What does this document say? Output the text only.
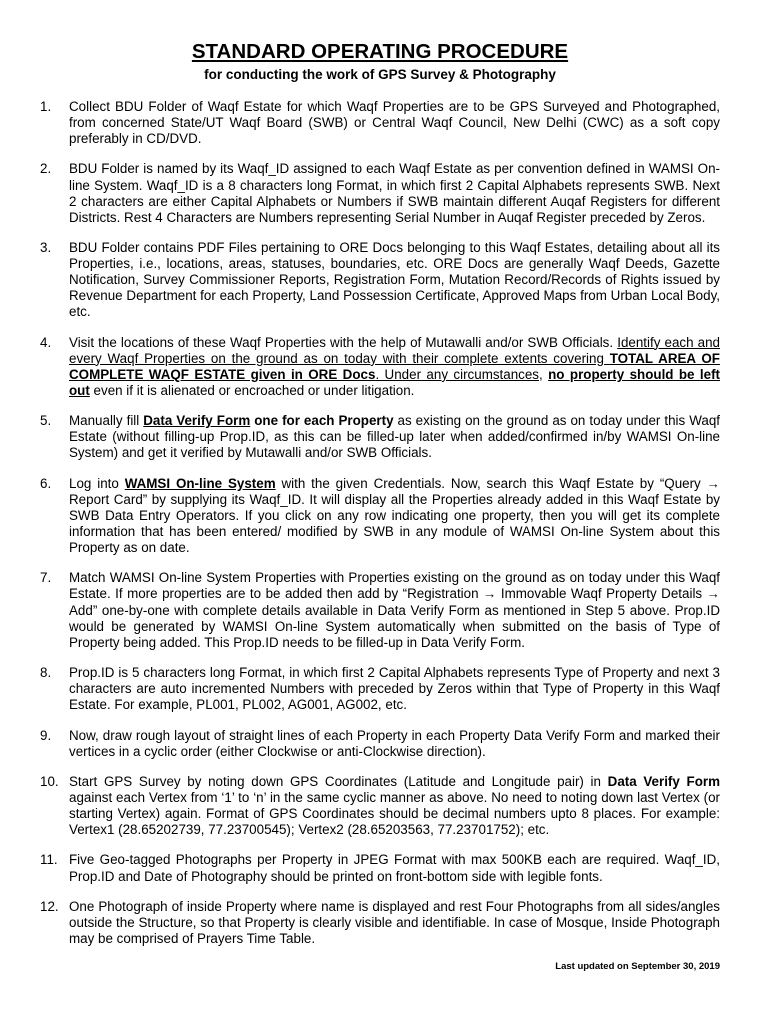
STANDARD OPERATING PROCEDURE
for conducting the work of GPS Survey & Photography
1. Collect BDU Folder of Waqf Estate for which Waqf Properties are to be GPS Surveyed and Photographed, from concerned State/UT Waqf Board (SWB) or Central Waqf Council, New Delhi (CWC) as a soft copy preferably in CD/DVD.
2. BDU Folder is named by its Waqf_ID assigned to each Waqf Estate as per convention defined in WAMSI On-line System. Waqf_ID is a 8 characters long Format, in which first 2 Capital Alphabets represents SWB. Next 2 characters are either Capital Alphabets or Numbers if SWB maintain different Auqaf Registers for different Districts. Rest 4 Characters are Numbers representing Serial Number in Auqaf Register preceded by Zeros.
3. BDU Folder contains PDF Files pertaining to ORE Docs belonging to this Waqf Estates, detailing about all its Properties, i.e., locations, areas, statuses, boundaries, etc. ORE Docs are generally Waqf Deeds, Gazette Notification, Survey Commissioner Reports, Registration Form, Mutation Record/Records of Rights issued by Revenue Department for each Property, Land Possession Certificate, Approved Maps from Urban Local Body, etc.
4. Visit the locations of these Waqf Properties with the help of Mutawalli and/or SWB Officials. Identify each and every Waqf Properties on the ground as on today with their complete extents covering TOTAL AREA OF COMPLETE WAQF ESTATE given in ORE Docs. Under any circumstances, no property should be left out even if it is alienated or encroached or under litigation.
5. Manually fill Data Verify Form one for each Property as existing on the ground as on today under this Waqf Estate (without filling-up Prop.ID, as this can be filled-up later when added/confirmed in/by WAMSI On-line System) and get it verified by Mutawalli and/or SWB Officials.
6. Log into WAMSI On-line System with the given Credentials. Now, search this Waqf Estate by “Query → Report Card” by supplying its Waqf_ID. It will display all the Properties already added in this Waqf Estate by SWB Data Entry Operators. If you click on any row indicating one property, then you will get its complete information that has been entered/ modified by SWB in any module of WAMSI On-line System about this Property as on date.
7. Match WAMSI On-line System Properties with Properties existing on the ground as on today under this Waqf Estate. If more properties are to be added then add by “Registration → Immovable Waqf Property Details → Add” one-by-one with complete details available in Data Verify Form as mentioned in Step 5 above. Prop.ID would be generated by WAMSI On-line System automatically when submitted on the basis of Type of Property being added. This Prop.ID needs to be filled-up in Data Verify Form.
8. Prop.ID is 5 characters long Format, in which first 2 Capital Alphabets represents Type of Property and next 3 characters are auto incremented Numbers with preceded by Zeros within that Type of Property in this Waqf Estate. For example, PL001, PL002, AG001, AG002, etc.
9. Now, draw rough layout of straight lines of each Property in each Property Data Verify Form and marked their vertices in a cyclic order (either Clockwise or anti-Clockwise direction).
10. Start GPS Survey by noting down GPS Coordinates (Latitude and Longitude pair) in Data Verify Form against each Vertex from ‘1’ to ‘n’ in the same cyclic manner as above. No need to noting down last Vertex (or starting Vertex) again. Format of GPS Coordinates should be decimal numbers upto 8 places. For example: Vertex1 (28.65202739, 77.23700545); Vertex2 (28.65203563, 77.23701752); etc.
11. Five Geo-tagged Photographs per Property in JPEG Format with max 500KB each are required. Waqf_ID, Prop.ID and Date of Photography should be printed on front-bottom side with legible fonts.
12. One Photograph of inside Property where name is displayed and rest Four Photographs from all sides/angles outside the Structure, so that Property is clearly visible and identifiable. In case of Mosque, Inside Photograph may be comprised of Prayers Time Table.
Last updated on September 30, 2019
